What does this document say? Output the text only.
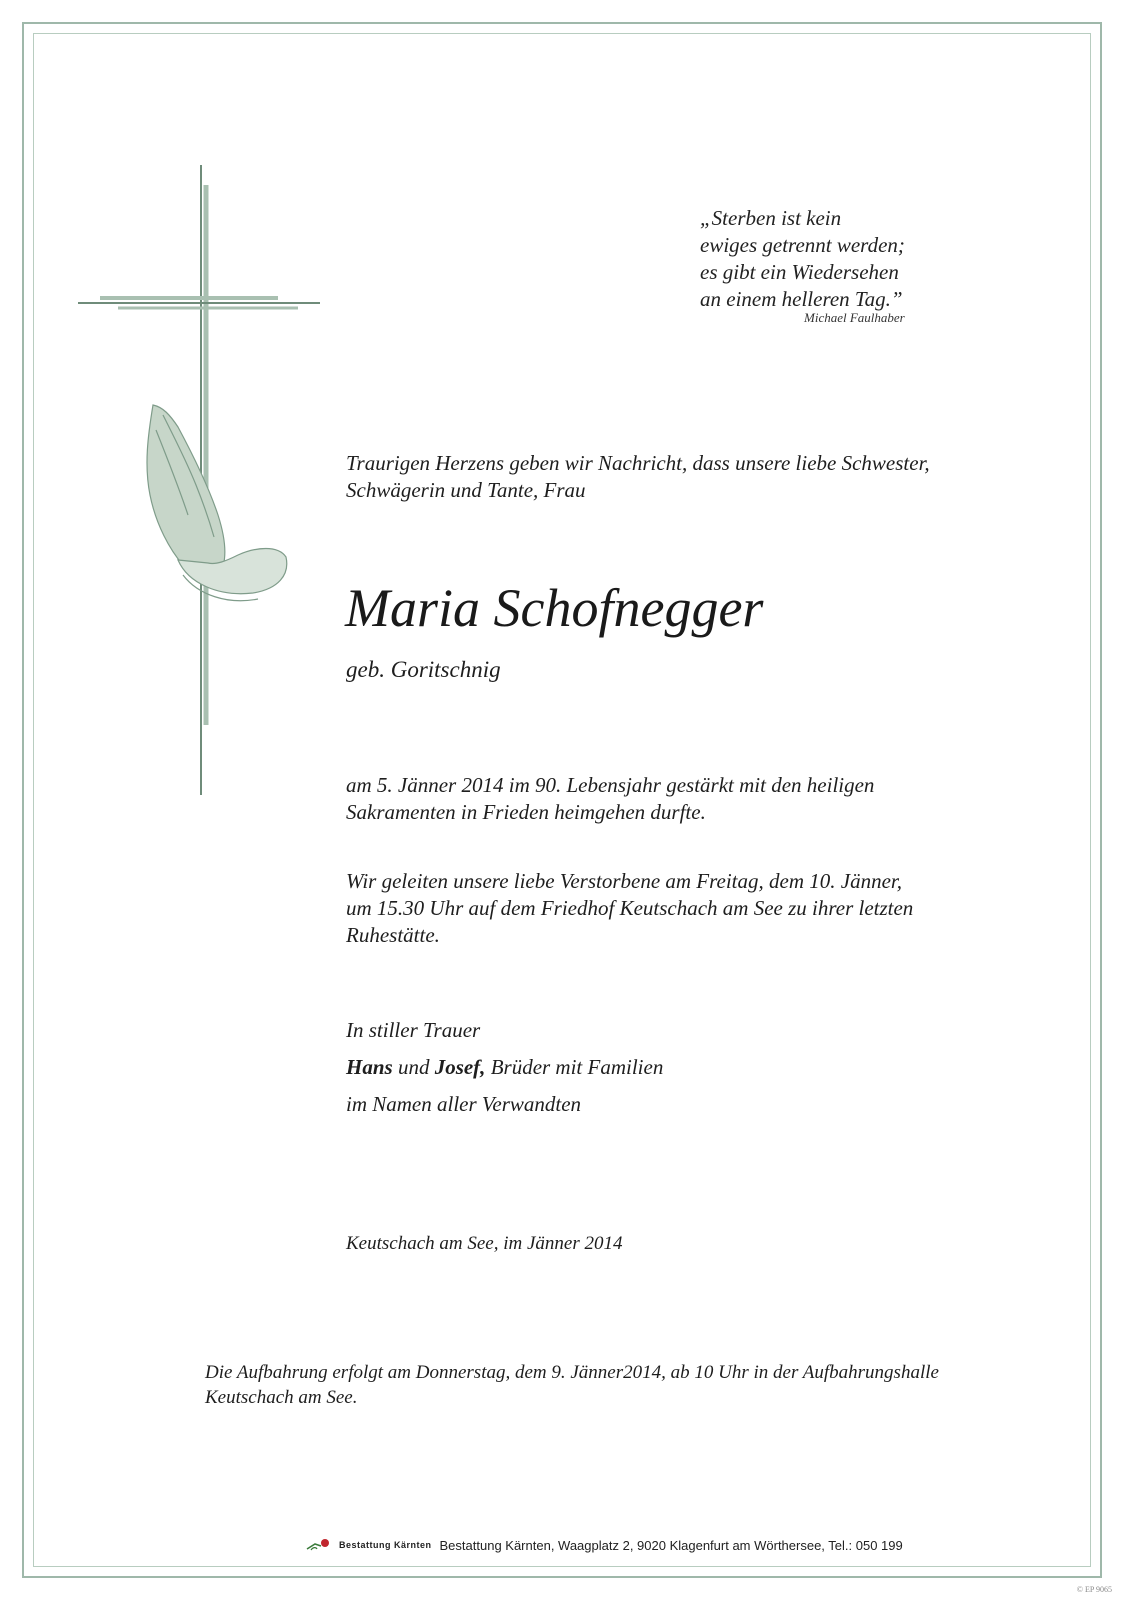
„Sterben ist kein
ewiges getrennt werden;
es gibt ein Wiedersehen
an einem helleren Tag.”
Michael Faulhaber
Traurigen Herzens geben wir Nachricht, dass unsere liebe Schwester,
Schwägerin und Tante, Frau
Maria Schofnegger
geb. Goritschnig
am 5. Jänner 2014 im 90. Lebensjahr gestärkt mit den heiligen
Sakramenten in Frieden heimgehen durfte.
Wir geleiten unsere liebe Verstorbene am Freitag, dem 10. Jänner,
um 15.30 Uhr auf dem Friedhof Keutschach am See zu ihrer letzten
Ruhestätte.
In stiller Trauer
Hans und Josef, Brüder mit Familien
im Namen aller Verwandten
Keutschach am See, im Jänner 2014
Die Aufbahrung erfolgt am Donnerstag, dem 9. Jänner2014, ab 10 Uhr in der Aufbahrungshalle
Keutschach am See.
Bestattung Kärnten Bestattung Kärnten, Waagplatz 2, 9020 Klagenfurt am Wörthersee, Tel.: 050 199
© EP 9065
